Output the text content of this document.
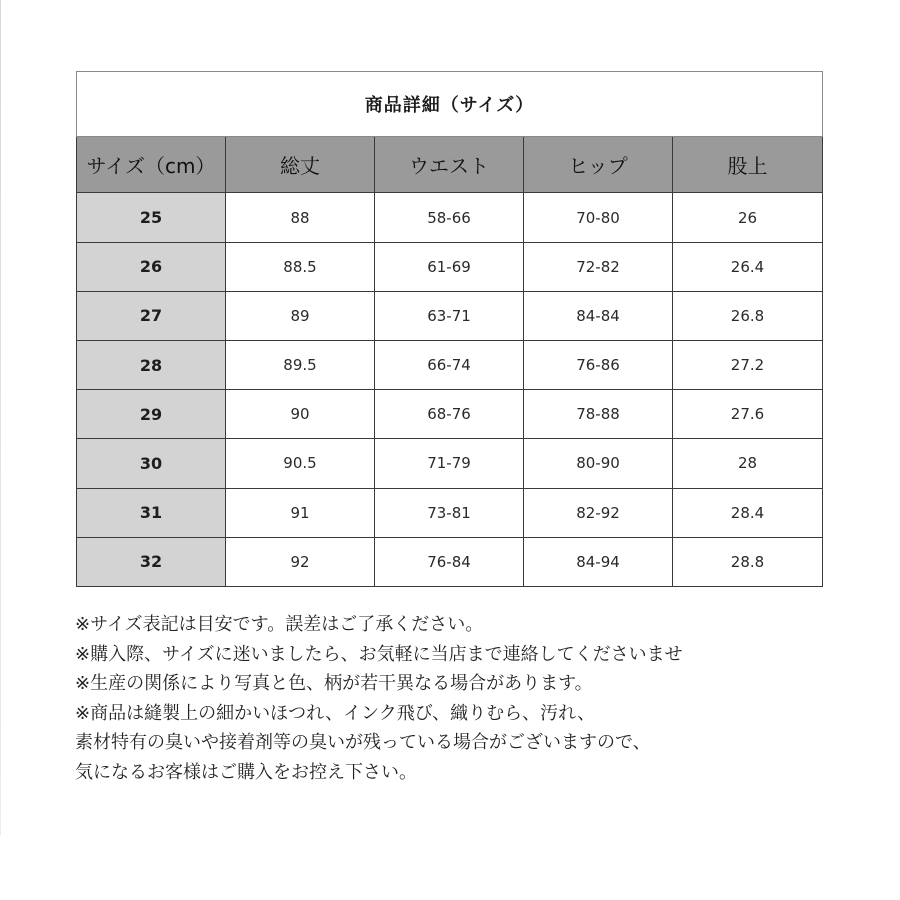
商品詳細（サイズ）				
サイズ（cm）	総丈	ウエスト	ヒップ	股上
25	88	58-66	70-80	26
26	88.5	61-69	72-82	26.4
27	89	63-71	84-84	26.8
28	89.5	66-74	76-86	27.2
29	90	68-76	78-88	27.6
30	90.5	71-79	80-90	28
31	91	73-81	82-92	28.4
32	92	76-84	84-94	28.8
※サイズ表記は目安です。誤差はご了承ください。
※購入際、サイズに迷いましたら、お気軽に当店まで連絡してくださいませ
※生産の関係により写真と色、柄が若干異なる場合があります。
※商品は縫製上の細かいほつれ、インク飛び、織りむら、汚れ、
素材特有の臭いや接着剤等の臭いが残っている場合がございますので、
気になるお客様はご購入をお控え下さい。
